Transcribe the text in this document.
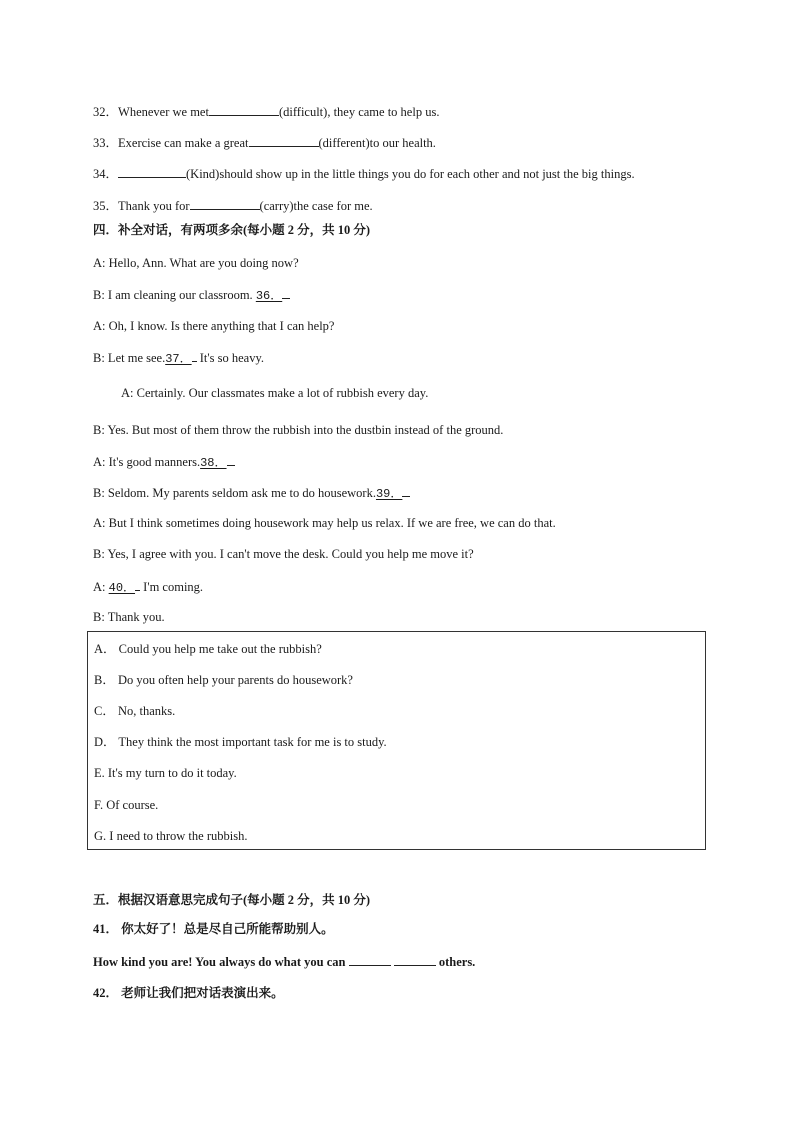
32．Whenever we met	(difficult), they came to help us.
33．Exercise can make a great	(different)to our health.
34．	(Kind)should show up in the little things you do for each other and not just the big things.
35．Thank you for	(carry)the case for me.
四．补全对话，有两项多余(每小题 2 分，共 10 分)
A: Hello, Ann. What are you doing now?
B: I am cleaning our classroom. 36．
A: Oh, I know. Is there anything that I can help?
B: Let me see.37． It's so heavy.
A: Certainly. Our classmates make a lot of rubbish every day.
B: Yes. But most of them throw the rubbish into the dustbin instead of the ground.
A: It's good manners.38．
B: Seldom. My parents seldom ask me to do housework.39．
A: But I think sometimes doing housework may help us relax. If we are free, we can do that.
B: Yes, I agree with you. I can't move the desk. Could you help me move it?
A: 40． I'm coming.
B: Thank you.
A． Could you help me take out the rubbish?
B． Do you often help your parents do housework?
C． No, thanks.
D． They think the most important task for me is to study.
E. It's my turn to do it today.
F. Of course.
G. I need to throw the rubbish.
五．根据汉语意思完成句子(每小题 2 分，共 10 分)
41． 你太好了！总是尽自己所能帮助别人。
How kind you are! You always do what you can	others.
42． 老师让我们把对话表演出来。
